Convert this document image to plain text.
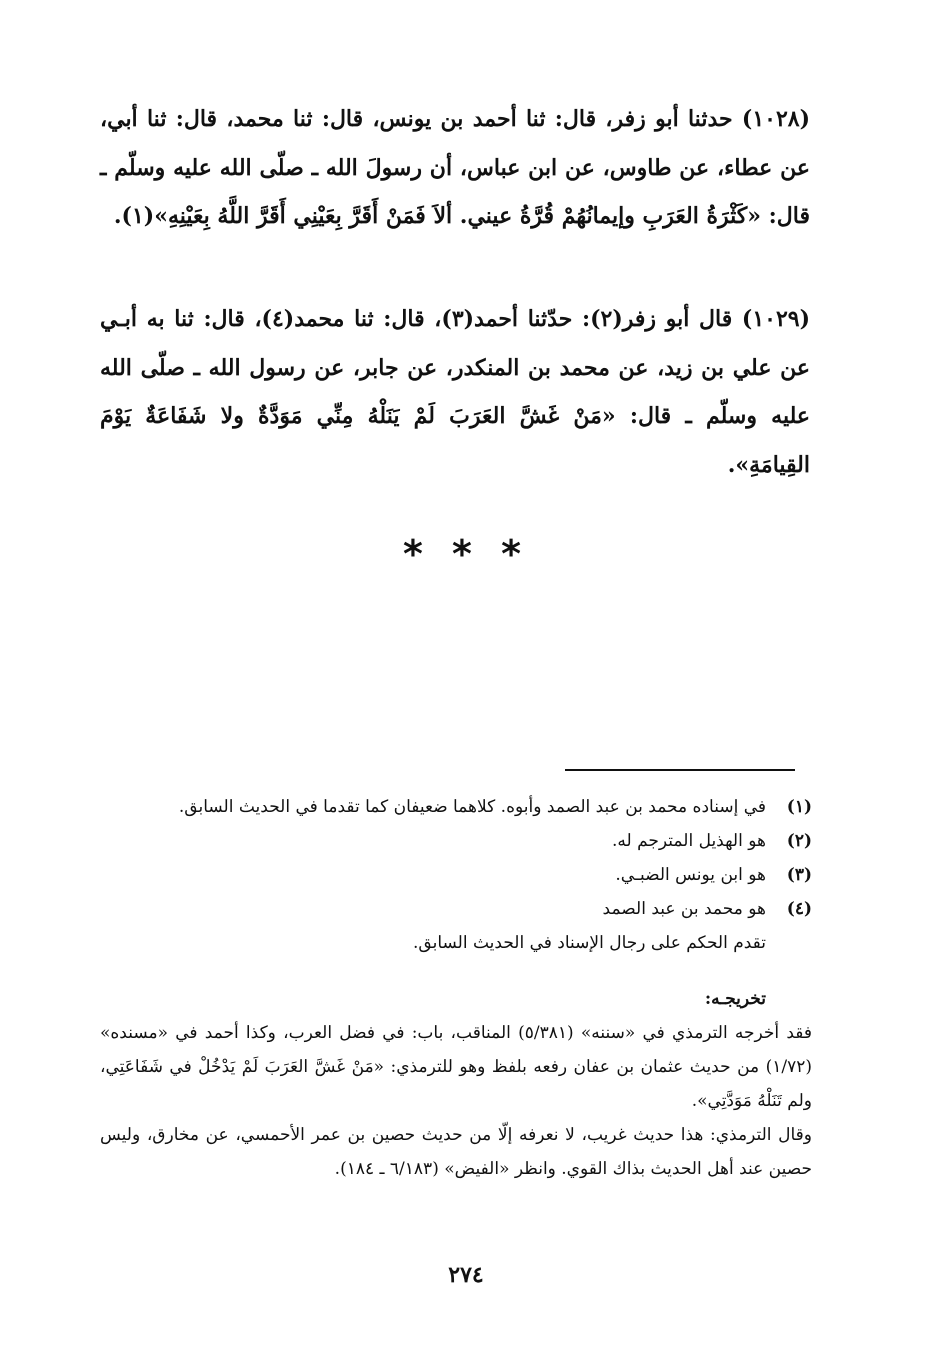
(١٠٢٨) حدثنا أبو زفر، قال: ثنا أحمد بن يونس، قال: ثنا محمد، قال: ثنا أبي، عن عطاء، عن طاوس، عن ابن عباس، أن رسولَ الله ـ صلّى الله عليه وسلّم ـ قال: «كَثْرَةُ العَرَبِ وإيمانُهُمْ قُرَّةُ عيني. ألاَ فَمَنْ أَقَرَّ بِعَيْنِي أَقَرَّ اللَّهُ بِعَيْنِهِ»(١).

(١٠٢٩) قال أبو زفر(٢): حدّثنا أحمد(٣)، قال: ثنا محمد(٤)، قال: ثنا به أبـي عن علي بن زيد، عن محمد بن المنكدر، عن جابر، عن رسول الله ـ صلّى الله عليه وسلّم ـ قال: «مَنْ غَشَّ العَرَبَ لَمْ يَنَلْهُ مِنِّي مَوَدَّةٌ ولا شَفَاعَةٌ يَوْمَ القِيامَةِ».

* * *
(١)
في إسناده محمد بن عبد الصمد وأبوه. كلاهما ضعيفان كما تقدما في الحديث السابق.
(٢)
هو الهذيل المترجم له.
(٣)
هو ابن يونس الضبـي.
(٤)
هو محمد بن عبد الصمد
تقدم الحكم على رجال الإسناد في الحديث السابق.
تخريجـه:

فقد أخرجه الترمذي في «سننه» (٥/٣٨١) المناقب، باب: في فضل العرب، وكذا أحمد في «مسنده» (١/٧٢) من حديث عثمان بن عفان رفعه بلفظ وهو للترمذي: «مَنْ غَشَّ العَرَبَ لَمْ يَدْخُلْ في شَفَاعَتِي، ولم تَنَلْهُ مَوَدَّتِي».

وقال الترمذي: هذا حديث غريب، لا نعرفه إلّا من حديث حصين بن عمر الأحمسي، عن مخارق، وليس حصين عند أهل الحديث بذاك القوي. وانظر «الفيض» (٦/١٨٣ ـ ١٨٤).

٢٧٤
